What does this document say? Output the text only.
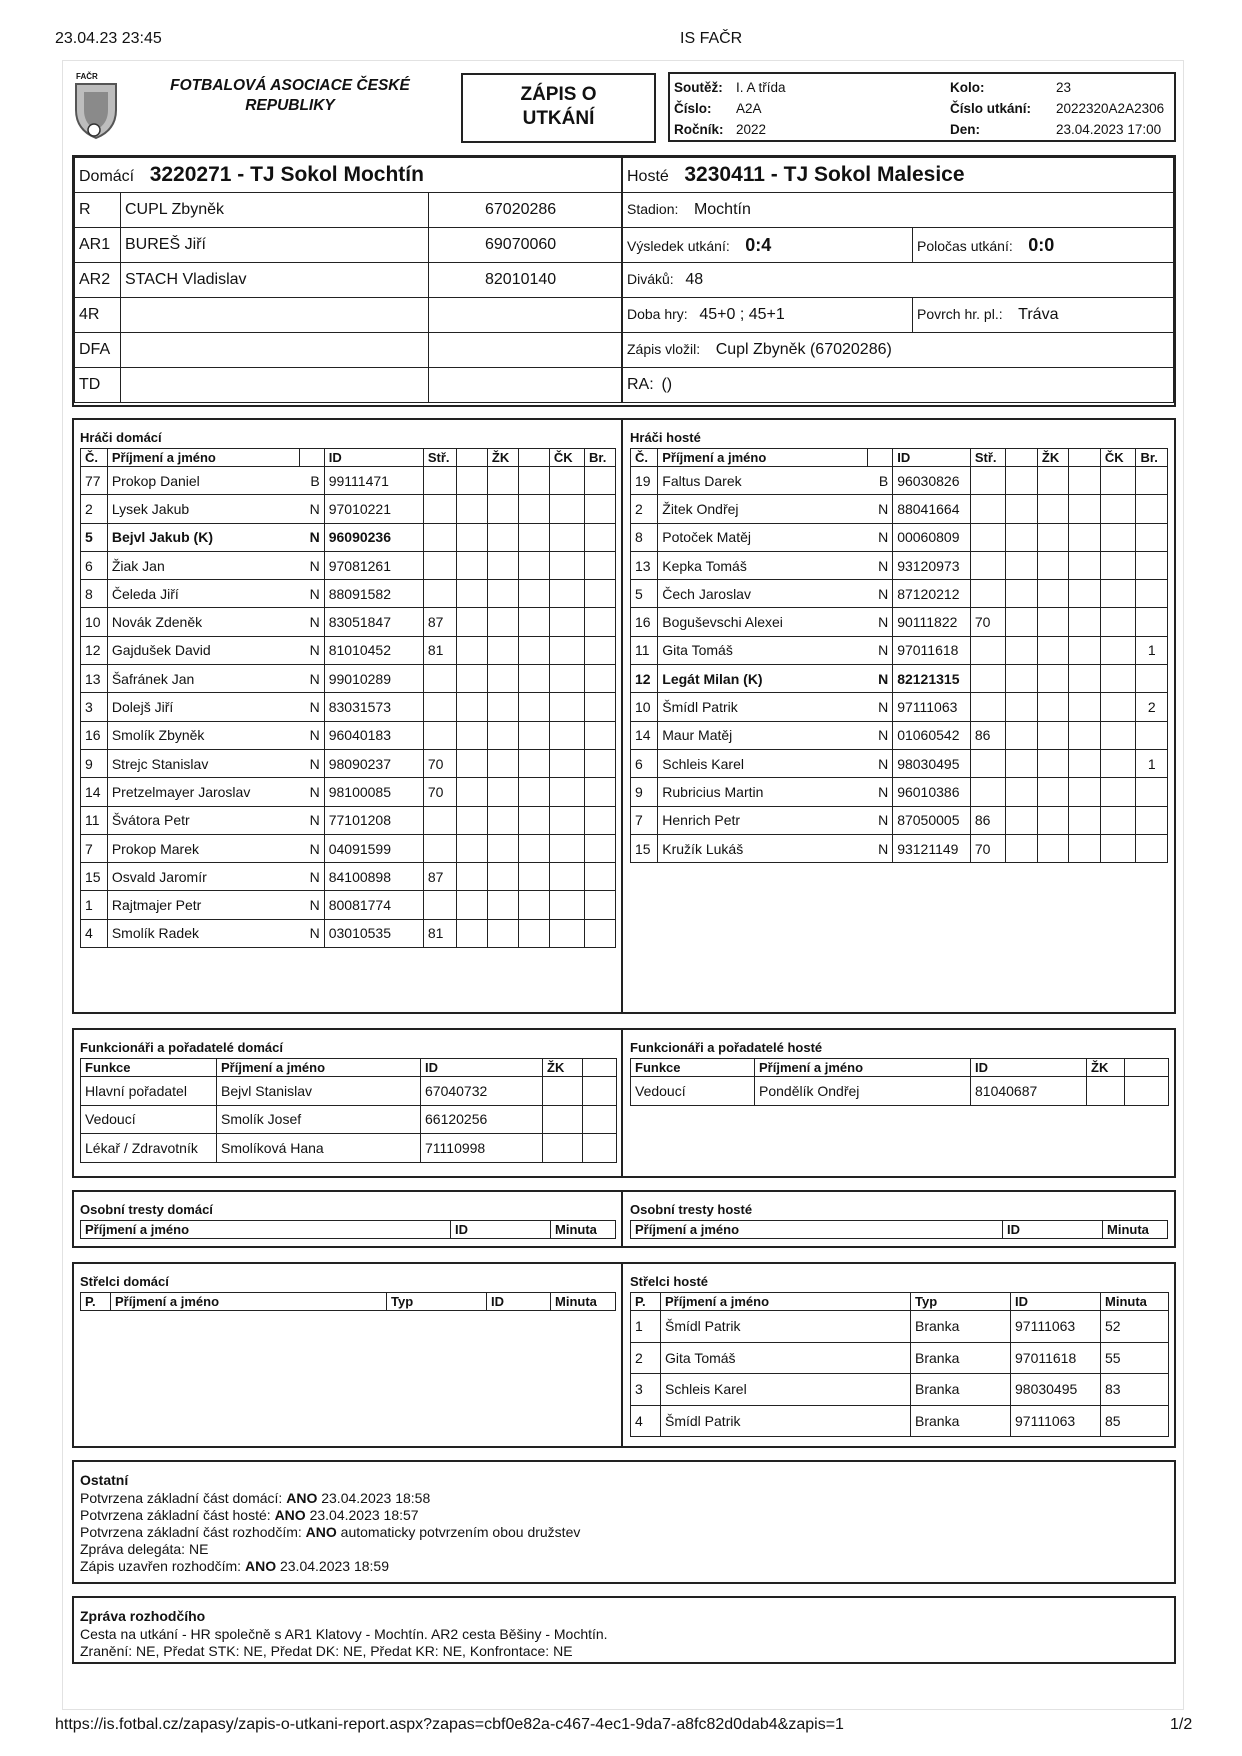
23.04.23 23:45	IS FAČR
FAČR
FOTBALOVÁ ASOCIACE ČESKÉ REPUBLIKY
ZÁPIS O UTKÁNÍ
Soutěž:	I. A třída
Číslo:	A2A
Ročník:	2022
Kolo:	23
Číslo utkání:	2022320A2A2306
Den:	23.04.2023 17:00
Domácí 3220271 - TJ Sokol Mochtín		
R	CUPL Zbyněk	67020286
AR1	BUREŠ Jiří	69070060
AR2	STACH Vladislav	82010140
4R		
DFA		
TD		
Hosté 3230411 - TJ Sokol Malesice	
Stadion: Mochtín	
Výsledek utkání: 0:4	Poločas utkání: 0:0
Diváků: 48	
Doba hry: 45+0 ; 45+1	Povrch hr. pl.: Tráva
Zápis vložil: Cupl Zbyněk (67020286)	
RA: ()	
Hráči domácí	Hráči hosté
Č.	Příjmení a jméno		ID	Stř.		ŽK		ČK	Br.
77	Prokop Daniel	B	99111471						
2	Lysek Jakub	N	97010221						
5	Bejvl Jakub (K)	N	96090236						
6	Žiak Jan	N	97081261						
8	Čeleda Jiří	N	88091582						
10	Novák Zdeněk	N	83051847	87					
12	Gajdušek David	N	81010452	81					
13	Šafránek Jan	N	99010289						
3	Dolejš Jiří	N	83031573						
16	Smolík Zbyněk	N	96040183						
9	Strejc Stanislav	N	98090237	70					
14	Pretzelmayer Jaroslav	N	98100085	70					
11	Švátora Petr	N	77101208						
7	Prokop Marek	N	04091599						
15	Osvald Jaromír	N	84100898	87					
1	Rajtmajer Petr	N	80081774						
4	Smolík Radek	N	03010535	81					
Č.	Příjmení a jméno		ID	Stř.		ŽK		ČK	Br.
19	Faltus Darek	B	96030826						
2	Žitek Ondřej	N	88041664						
8	Potoček Matěj	N	00060809						
13	Kepka Tomáš	N	93120973						
5	Čech Jaroslav	N	87120212						
16	Boguševschi Alexei	N	90111822	70					
11	Gita Tomáš	N	97011618						1
12	Legát Milan (K)	N	82121315						
10	Šmídl Patrik	N	97111063						2
14	Maur Matěj	N	01060542	86					
6	Schleis Karel	N	98030495						1
9	Rubricius Martin	N	96010386						
7	Henrich Petr	N	87050005	86					
15	Kružík Lukáš	N	93121149	70					
Funkcionáři a pořadatelé domácí	Funkcionáři a pořadatelé hosté
Funkce	Příjmení a jméno	ID	ŽK	
Hlavní pořadatel	Bejvl Stanislav	67040732		
Vedoucí	Smolík Josef	66120256		
Lékař / Zdravotník	Smolíková Hana	71110998		
Funkce	Příjmení a jméno	ID	ŽK	
Vedoucí	Pondělík Ondřej	81040687		
Osobní tresty domácí	Osobní tresty hosté
Příjmení a jméno	ID	Minuta	Příjmení a jméno	ID	Minuta
Střelci domácí	Střelci hosté
P.	Příjmení a jméno	Typ	ID	Minuta	P.	Příjmení a jméno	Typ	ID	Minuta
1	Šmídl Patrik	Branka	97111063	52
2	Gita Tomáš	Branka	97011618	55
3	Schleis Karel	Branka	98030495	83
4	Šmídl Patrik	Branka	97111063	85
Ostatní
Potvrzena základní část domácí: ANO 23.04.2023 18:58
Potvrzena základní část hosté: ANO 23.04.2023 18:57
Potvrzena základní část rozhodčím: ANO automaticky potvrzením obou družstev
Zpráva delegáta: NE
Zápis uzavřen rozhodčím: ANO 23.04.2023 18:59
Zpráva rozhodčího
Cesta na utkání - HR společně s AR1 Klatovy - Mochtín. AR2 cesta Běšiny - Mochtín.
Zranění: NE, Předat STK: NE, Předat DK: NE, Předat KR: NE, Konfrontace: NE
https://is.fotbal.cz/zapasy/zapis-o-utkani-report.aspx?zapas=cbf0e82a-c467-4ec1-9da7-a8fc82d0dab4&zapis=1	1/2
